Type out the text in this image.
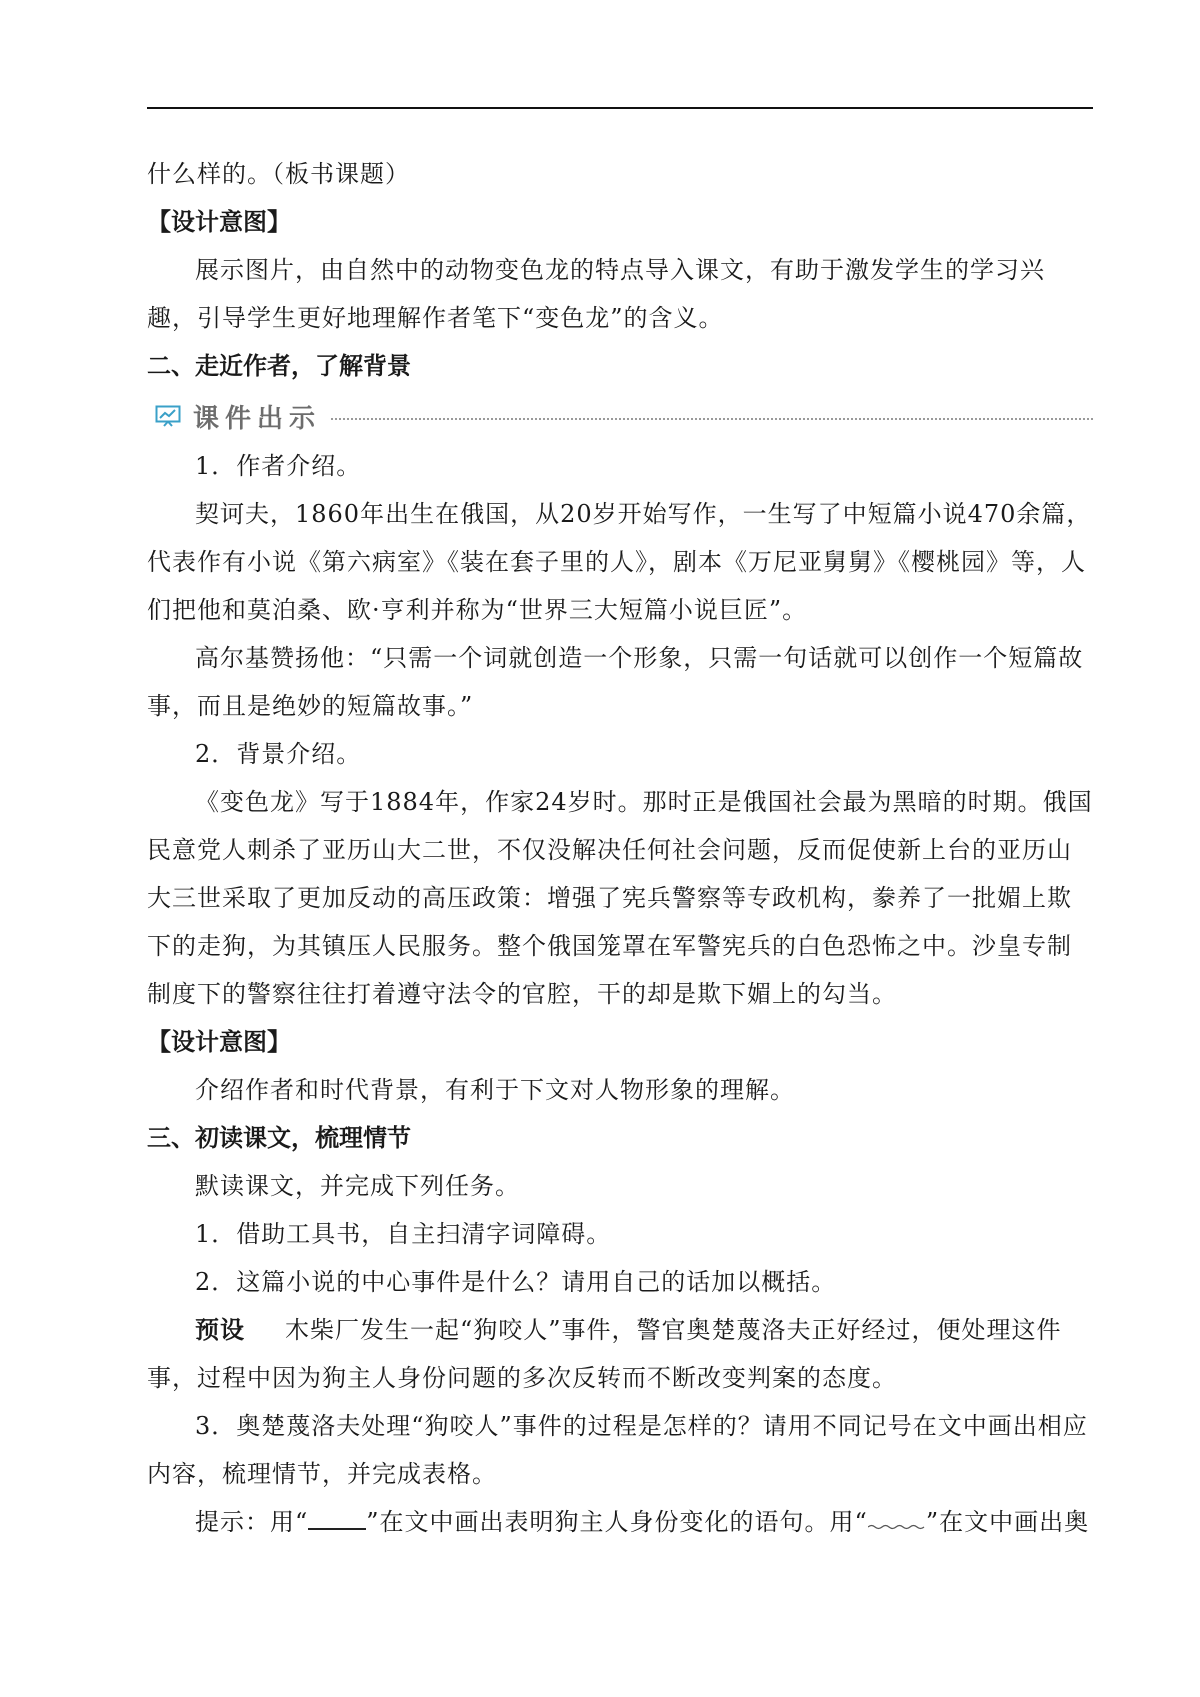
什么样的。（板书课题）

【设计意图】

展示图片，由自然中的动物变色龙的特点导入课文，有助于激发学生的学习兴趣，引导学生更好地理解作者笔下“变色龙”的含义。

二、走近作者，了解背景

课件出示

1．作者介绍。

契诃夫，1860年出生在俄国，从20岁开始写作，一生写了中短篇小说470余篇，代表作有小说《第六病室》《装在套子里的人》，剧本《万尼亚舅舅》《樱桃园》等，人们把他和莫泊桑、欧·亨利并称为“世界三大短篇小说巨匠”。

高尔基赞扬他：“只需一个词就创造一个形象，只需一句话就可以创作一个短篇故事，而且是绝妙的短篇故事。”

2．背景介绍。

《变色龙》写于1884年，作家24岁时。那时正是俄国社会最为黑暗的时期。俄国民意党人刺杀了亚历山大二世，不仅没解决任何社会问题，反而促使新上台的亚历山大三世采取了更加反动的高压政策：增强了宪兵警察等专政机构，豢养了一批媚上欺下的走狗，为其镇压人民服务。整个俄国笼罩在军警宪兵的白色恐怖之中。沙皇专制制度下的警察往往打着遵守法令的官腔，干的却是欺下媚上的勾当。

【设计意图】

介绍作者和时代背景，有利于下文对人物形象的理解。

三、初读课文，梳理情节

默读课文，并完成下列任务。

1．借助工具书，自主扫清字词障碍。

2．这篇小说的中心事件是什么？请用自己的话加以概括。

预设 木柴厂发生一起“狗咬人”事件，警官奥楚蔑洛夫正好经过，便处理这件事，过程中因为狗主人身份问题的多次反转而不断改变判案的态度。

3．奥楚蔑洛夫处理“狗咬人”事件的过程是怎样的？请用不同记号在文中画出相应内容，梳理情节，并完成表格。

提示：用“ ”在文中画出表明狗主人身份变化的语句。用“ ”在文中画出奥
